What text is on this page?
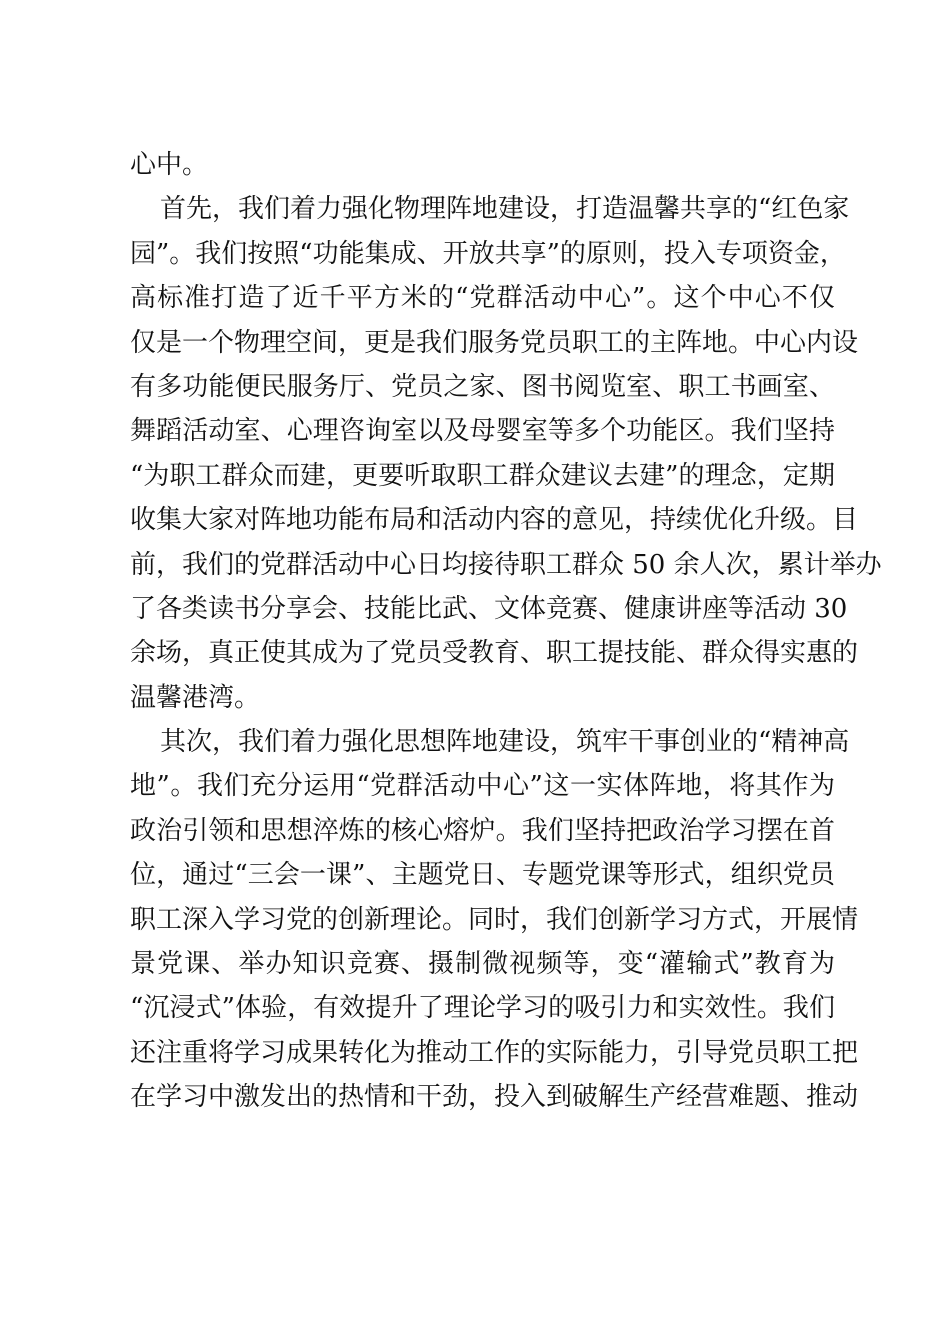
心中。
首先，我们着力强化物理阵地建设，打造温馨共享的“红色家
园”。我们按照“功能集成、开放共享”的原则，投入专项资金，
高标准打造了近千平方米的“党群活动中心”。这个中心不仅
仅是一个物理空间，更是我们服务党员职工的主阵地。中心内设
有多功能便民服务厅、党员之家、图书阅览室、职工书画室、
舞蹈活动室、心理咨询室以及母婴室等多个功能区。我们坚持
“为职工群众而建，更要听取职工群众建议去建”的理念，定期
收集大家对阵地功能布局和活动内容的意见，持续优化升级。目
前，我们的党群活动中心日均接待职工群众 50 余人次，累计举办
了各类读书分享会、技能比武、文体竞赛、健康讲座等活动 30
余场，真正使其成为了党员受教育、职工提技能、群众得实惠的
温馨港湾。
其次，我们着力强化思想阵地建设，筑牢干事创业的“精神高
地”。我们充分运用“党群活动中心”这一实体阵地，将其作为
政治引领和思想淬炼的核心熔炉。我们坚持把政治学习摆在首
位，通过“三会一课”、主题党日、专题党课等形式，组织党员
职工深入学习党的创新理论。同时，我们创新学习方式，开展情
景党课、举办知识竞赛、摄制微视频等，变“灌输式”教育为
“沉浸式”体验，有效提升了理论学习的吸引力和实效性。我们
还注重将学习成果转化为推动工作的实际能力，引导党员职工把
在学习中激发出的热情和干劲，投入到破解生产经营难题、推动
